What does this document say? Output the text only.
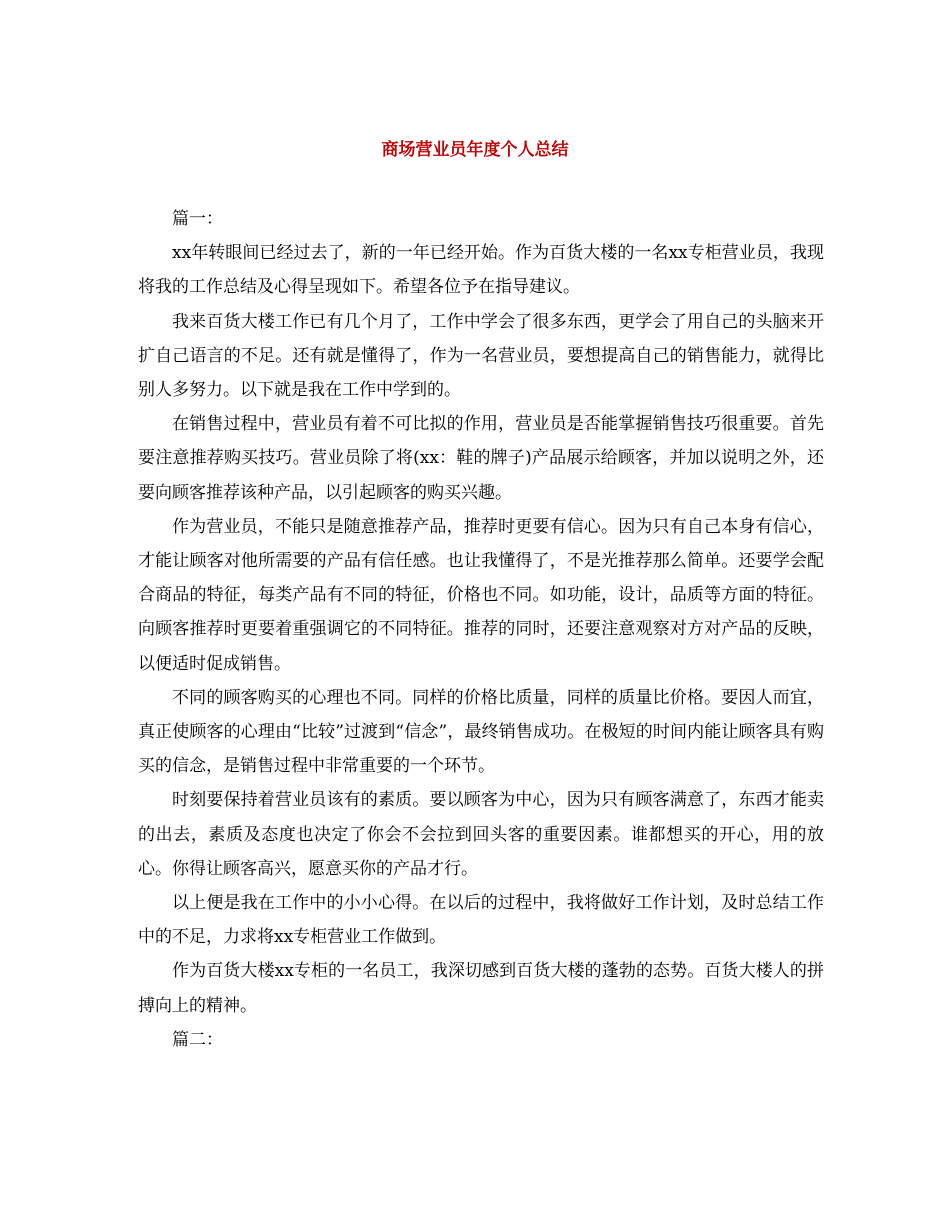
商场营业员年度个人总结

篇一：

xx年转眼间已经过去了，新的一年已经开始。作为百货大楼的一名xx专柜营业员，我现将我的工作总结及心得呈现如下。希望各位予在指导建议。

我来百货大楼工作已有几个月了，工作中学会了很多东西，更学会了用自己的头脑来开扩自己语言的不足。还有就是懂得了，作为一名营业员，要想提高自己的销售能力，就得比别人多努力。以下就是我在工作中学到的。

在销售过程中，营业员有着不可比拟的作用，营业员是否能掌握销售技巧很重要。首先要注意推荐购买技巧。营业员除了将(xx：鞋的牌子)产品展示给顾客，并加以说明之外，还要向顾客推荐该种产品，以引起顾客的购买兴趣。

作为营业员，不能只是随意推荐产品，推荐时更要有信心。因为只有自己本身有信心，才能让顾客对他所需要的产品有信任感。也让我懂得了，不是光推荐那么简单。还要学会配合商品的特征，每类产品有不同的特征，价格也不同。如功能，设计，品质等方面的特征。向顾客推荐时更要着重强调它的不同特征。推荐的同时，还要注意观察对方对产品的反映，以便适时促成销售。

不同的顾客购买的心理也不同。同样的价格比质量，同样的质量比价格。要因人而宜，真正使顾客的心理由“比较”过渡到“信念”，最终销售成功。在极短的时间内能让顾客具有购买的信念，是销售过程中非常重要的一个环节。

时刻要保持着营业员该有的素质。要以顾客为中心，因为只有顾客满意了，东西才能卖的出去，素质及态度也决定了你会不会拉到回头客的重要因素。谁都想买的开心，用的放心。你得让顾客高兴，愿意买你的产品才行。

以上便是我在工作中的小小心得。在以后的过程中，我将做好工作计划，及时总结工作中的不足，力求将xx专柜营业工作做到。

作为百货大楼xx专柜的一名员工，我深切感到百货大楼的蓬勃的态势。百货大楼人的拼搏向上的精神。

篇二：
